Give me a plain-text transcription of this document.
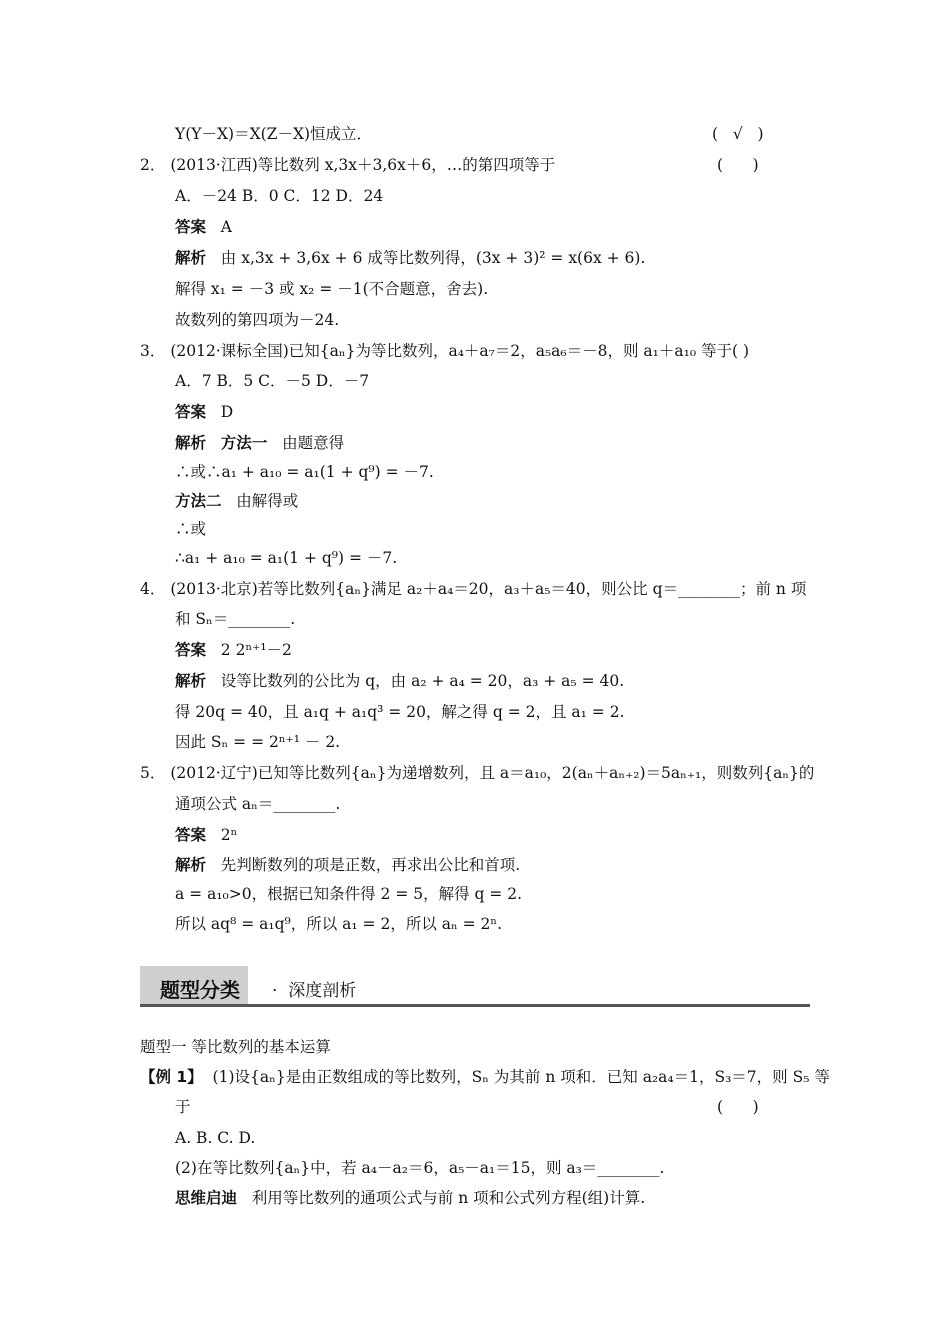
Y(Y－X)＝X(Z－X)恒成立．	(   √   )
2． (2013·江西)等比数列 x,3x＋3,6x＋6，…的第四项等于	(      )
A．－24 B．0 C．12 D．24
答案 A
解析 由 x,3x + 3,6x + 6 成等比数列得，(3x + 3)² = x(6x + 6).
解得 x₁ = －3 或 x₂ = －1(不合题意，舍去).
故数列的第四项为－24.
3． (2012·课标全国)已知{aₙ}为等比数列，a₄＋a₇＝2，a₅a₆＝－8，则 a₁＋a₁₀ 等于( )
A．7 B．5 C．－5 D．－7
答案 D
解析 方法一 由题意得
∴或∴a₁ + a₁₀ = a₁(1 + q⁹) = －7.
方法二 由解得或
∴或
∴a₁ + a₁₀ = a₁(1 + q⁹) = －7.
4． (2013·北京)若等比数列{aₙ}满足 a₂＋a₄＝20，a₃＋a₅＝40，则公比 q＝________；前 n 项
和 Sₙ＝________.
答案 2 2ⁿ⁺¹－2
解析 设等比数列的公比为 q，由 a₂ + a₄ = 20，a₃ + a₅ = 40.
得 20q = 40，且 a₁q + a₁q³ = 20，解之得 q = 2，且 a₁ = 2.
因此 Sₙ = = 2ⁿ⁺¹ － 2.
5． (2012·辽宁)已知等比数列{aₙ}为递增数列，且 a＝a₁₀，2(aₙ＋aₙ₊₂)＝5aₙ₊₁，则数列{aₙ}的
通项公式 aₙ＝________.
答案 2ⁿ
解析 先判断数列的项是正数，再求出公比和首项.
a = a₁₀>0，根据已知条件得 2 = 5，解得 q = 2.
所以 aq⁸ = a₁q⁹，所以 a₁ = 2，所以 aₙ = 2ⁿ.
题型分类 · 深度剖析
题型一 等比数列的基本运算
【例 1】 (1)设{aₙ}是由正数组成的等比数列，Sₙ 为其前 n 项和．已知 a₂a₄＝1，S₃＝7，则 S₅ 等
于	(      )
A. B. C. D.
(2)在等比数列{aₙ}中，若 a₄－a₂＝6，a₅－a₁＝15，则 a₃＝________.
思维启迪 利用等比数列的通项公式与前 n 项和公式列方程(组)计算.
